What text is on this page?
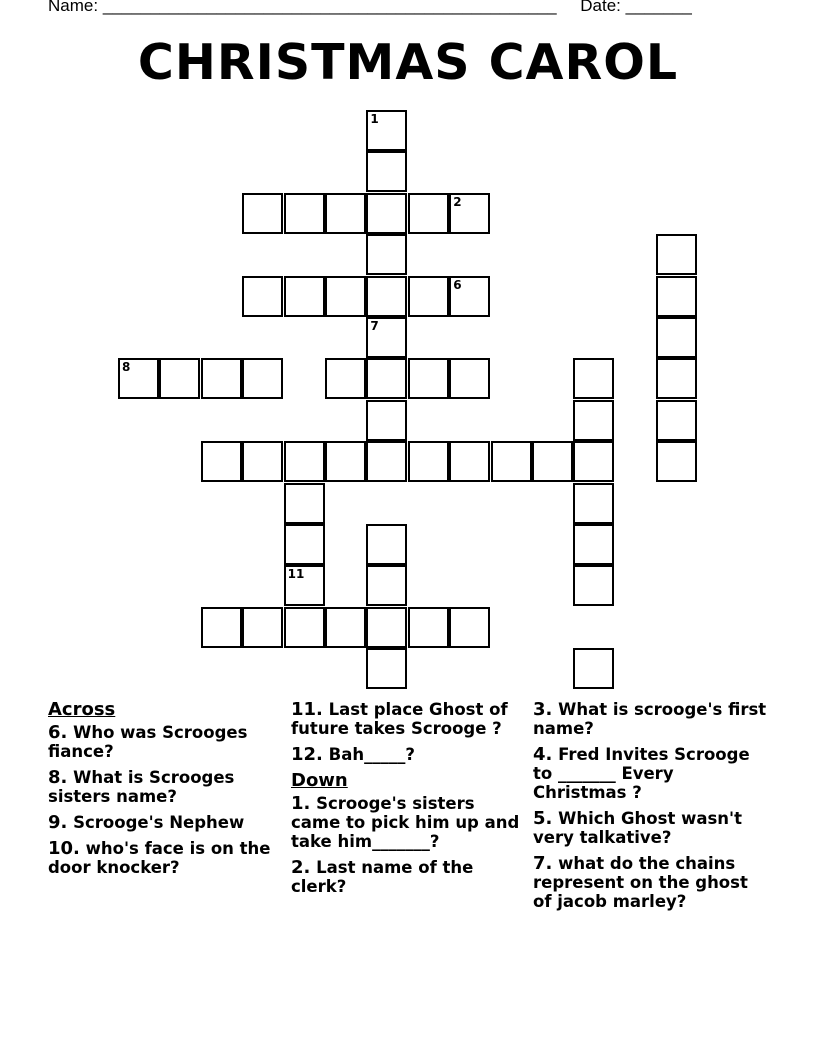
Name: ________________________________________________ Date: _______
CHRISTMAS CAROL
8
2
6
11
1
7
Across
6. Who was Scrooges fiance?
8. What is Scrooges sisters name?
9. Scrooge's Nephew
10. who's face is on the door knocker?
11. Last place Ghost of future takes Scrooge ?
12. Bah_____?
Down
1. Scrooge's sisters came to pick him up and take him_______?
2. Last name of the clerk?
3. What is scrooge's first name?
4. Fred Invites Scrooge to _______ Every Christmas ?
5. Which Ghost wasn't very talkative?
7. what do the chains represent on the ghost of jacob marley?
